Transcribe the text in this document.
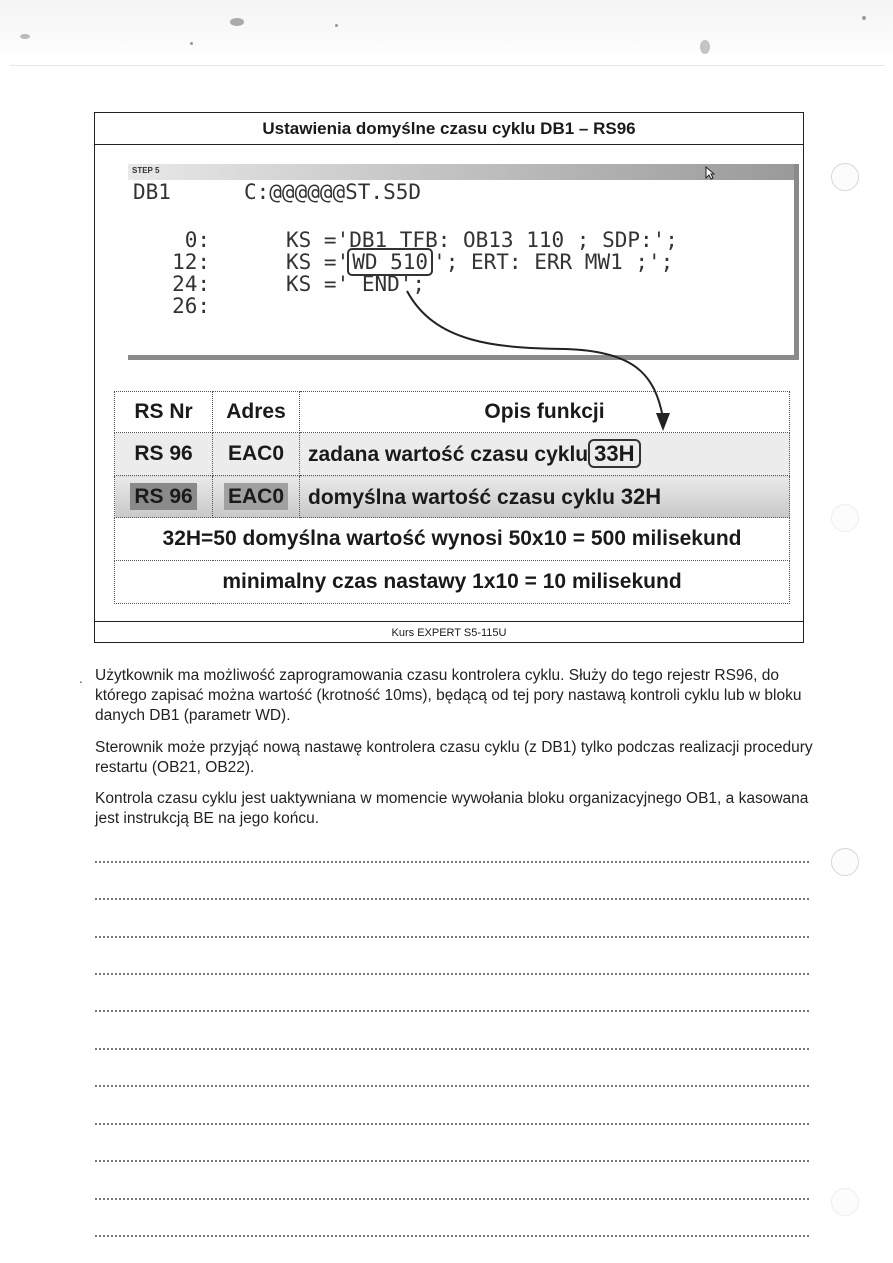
Ustawienia domyślne czasu cyklu DB1 – RS96
STEP 5
DB1	C:@@@@@@ST.S5D
0:	KS ='DB1 TFB: OB13 110 ; SDP:';
12:	KS =' WD 510 '; ERT: ERR MW1 ;';
24:	KS =' END';
26:
RS Nr	Adres	Opis funkcji
RS 96	EAC0	zadana wartość czasu cyklu 33H
RS 96	EAC0	domyślna wartość czasu cyklu 32H
32H=50 domyślna wartość wynosi 50x10 = 500 milisekund		
minimalny czas nastawy 1x10 = 10 milisekund		
Kurs EXPERT S5-115U
. Użytkownik ma możliwość zaprogramowania czasu kontrolera cyklu. Służy do tego rejestr RS96, do którego zapisać można wartość (krotność 10ms), będącą od tej pory nastawą kontroli cyklu lub w bloku danych DB1 (parametr WD).
Sterownik może przyjąć nową nastawę kontrolera czasu cyklu (z DB1) tylko podczas realizacji procedury restartu (OB21, OB22).
Kontrola czasu cyklu jest uaktywniana w momencie wywołania bloku organizacyjnego OB1, a kasowana jest instrukcją BE na jego końcu.
